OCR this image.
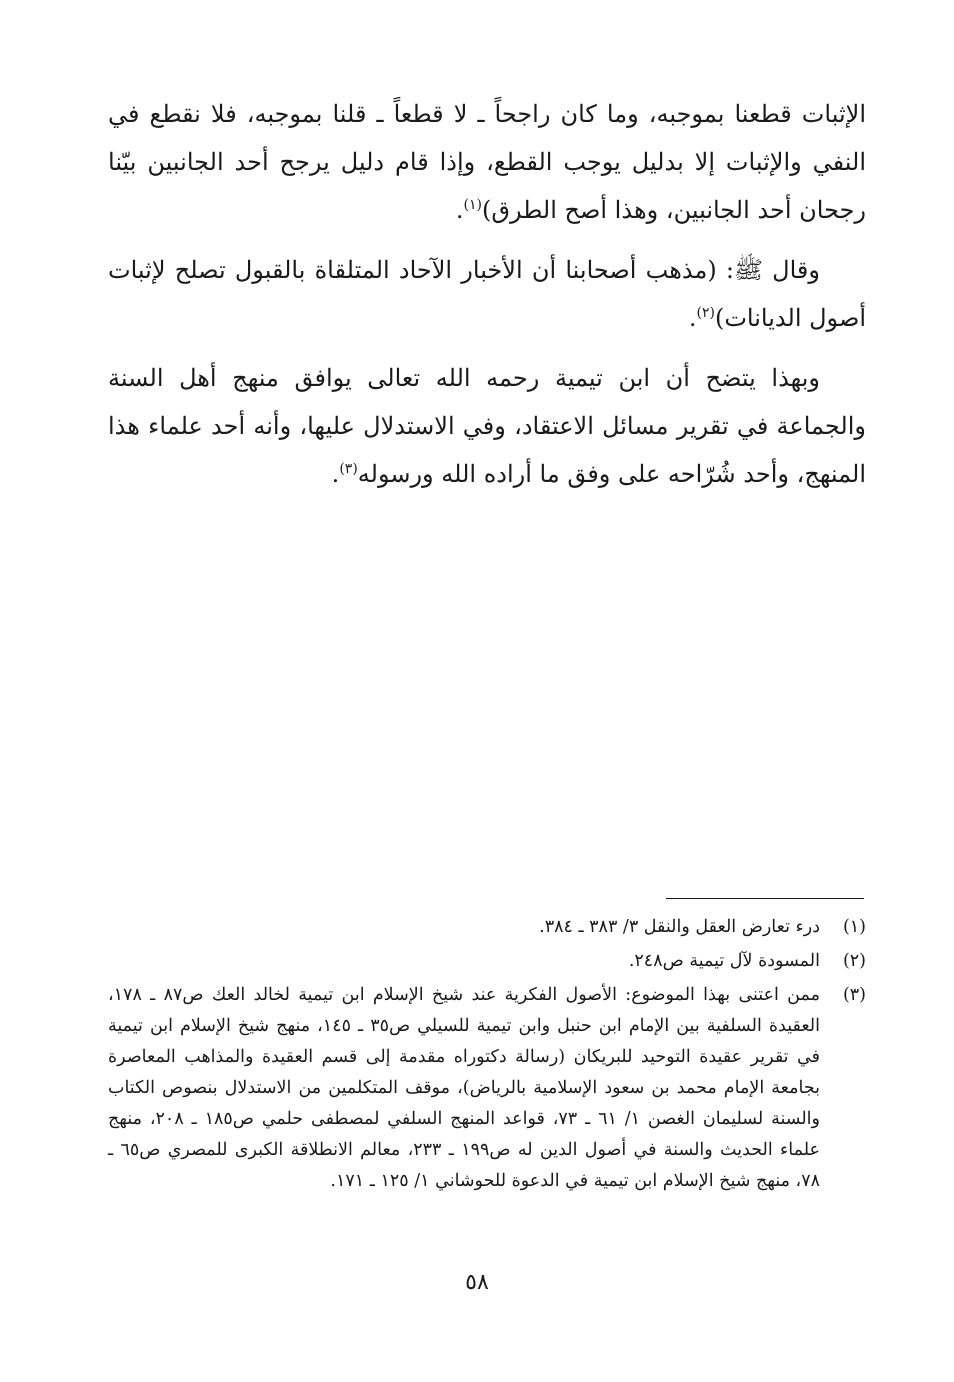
الإثبات قطعنا بموجبه، وما كان راجحاً ـ لا قطعاً ـ قلنا بموجبه، فلا نقطع في النفي والإثبات إلا بدليل يوجب القطع، وإذا قام دليل يرجح أحد الجانبين بيّنا رجحان أحد الجانبين، وهذا أصح الطرق)$^{(١)}$.

وقال ﷺ: (مذهب أصحابنا أن الأخبار الآحاد المتلقاة بالقبول تصلح لإثبات أصول الديانات)$^{(٢)}$.

وبهذا يتضح أن ابن تيمية رحمه الله تعالى يوافق منهج أهل السنة والجماعة في تقرير مسائل الاعتقاد، وفي الاستدلال عليها، وأنه أحد علماء هذا المنهج، وأحد شُرّاحه على وفق ما أراده الله ورسوله$^{(٣)}$.

(١)
درء تعارض العقل والنقل ٣/ ٣٨٣ ـ ٣٨٤.
(٢)
المسودة لآل تيمية ص٢٤٨.
(٣)
ممن اعتنى بهذا الموضوع: الأصول الفكرية عند شيخ الإسلام ابن تيمية لخالد العك ص٨٧ ـ ١٧٨، العقيدة السلفية بين الإمام ابن حنبل وابن تيمية للسيلي ص٣٥ ـ ١٤٥، منهج شيخ الإسلام ابن تيمية في تقرير عقيدة التوحيد للبريكان (رسالة دكتوراه مقدمة إلى قسم العقيدة والمذاهب المعاصرة بجامعة الإمام محمد بن سعود الإسلامية بالرياض)، موقف المتكلمين من الاستدلال بنصوص الكتاب والسنة لسليمان الغصن ١/ ٦١ ـ ٧٣، قواعد المنهج السلفي لمصطفى حلمي ص١٨٥ ـ ٢٠٨، منهج علماء الحديث والسنة في أصول الدين له ص١٩٩ ـ ٢٣٣، معالم الانطلاقة الكبرى للمصري ص٦٥ ـ ٧٨، منهج شيخ الإسلام ابن تيمية في الدعوة للحوشاني ١/ ١٢٥ ـ ١٧١.
٥٨
